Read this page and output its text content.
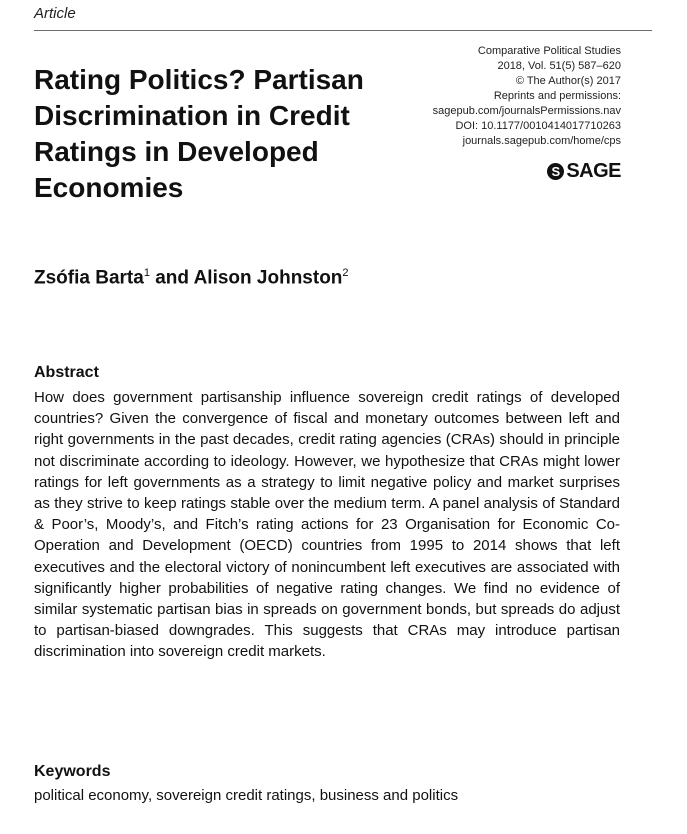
Article
Rating Politics? Partisan Discrimination in Credit Ratings in Developed Economies
Comparative Political Studies
2018, Vol. 51(5) 587–620
© The Author(s) 2017
Reprints and permissions:
sagepub.com/journalsPermissions.nav
DOI: 10.1177/0010414017710263
journals.sagepub.com/home/cps
S SAGE
Zsófia Barta$^1$ and Alison Johnston$^2$
Abstract

How does government partisanship influence sovereign credit ratings of developed countries? Given the convergence of fiscal and monetary outcomes between left and right governments in the past decades, credit rating agencies (CRAs) should in principle not discriminate according to ideology. However, we hypothesize that CRAs might lower ratings for left governments as a strategy to limit negative policy and market surprises as they strive to keep ratings stable over the medium term. A panel analysis of Standard & Poor’s, Moody’s, and Fitch’s rating actions for 23 Organisation for Economic Co-Operation and Development (OECD) countries from 1995 to 2014 shows that left executives and the electoral victory of nonincumbent left executives are associated with significantly higher probabilities of negative rating changes. We find no evidence of similar systematic partisan bias in spreads on government bonds, but spreads do adjust to partisan-biased downgrades. This suggests that CRAs may introduce partisan discrimination into sovereign credit markets.

Keywords

political economy, sovereign credit ratings, business and politics
